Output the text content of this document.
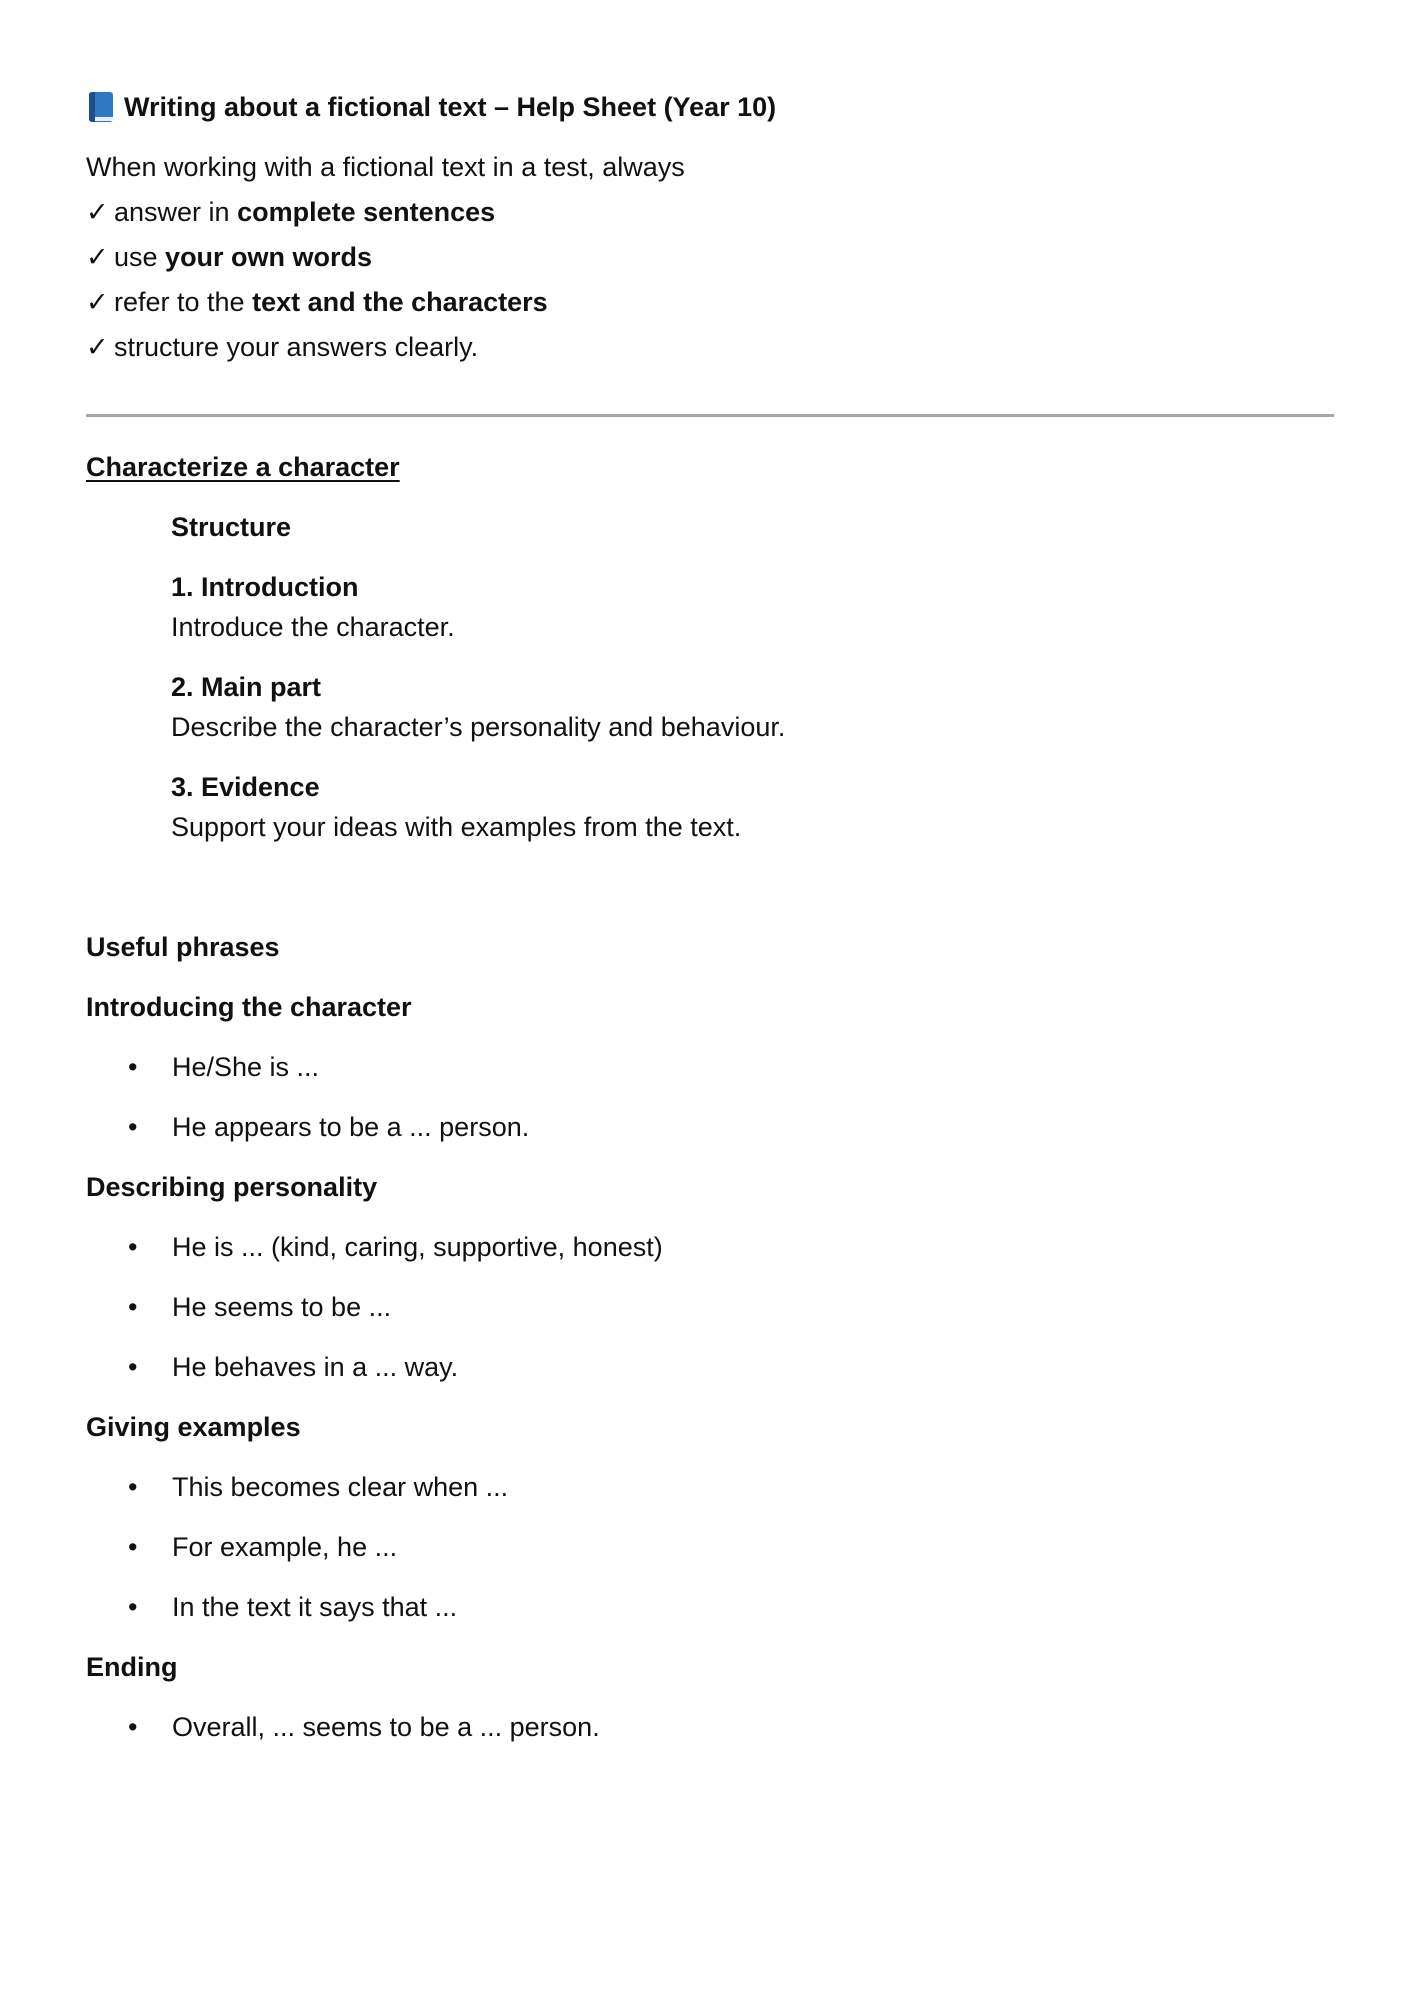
Writing about a fictional text – Help Sheet (Year 10)
When working with a fictional text in a test, always
✓ answer in complete sentences
✓ use your own words
✓ refer to the text and the characters
✓ structure your answers clearly.
Characterize a character
Structure
1. Introduction
Introduce the character.
2. Main part
Describe the character’s personality and behaviour.
3. Evidence
Support your ideas with examples from the text.
Useful phrases
Introducing the character
• He/She is ...
• He appears to be a ... person.
Describing personality
• He is ... (kind, caring, supportive, honest)
• He seems to be ...
• He behaves in a ... way.
Giving examples
• This becomes clear when ...
• For example, he ...
• In the text it says that ...
Ending
• Overall, ... seems to be a ... person.
